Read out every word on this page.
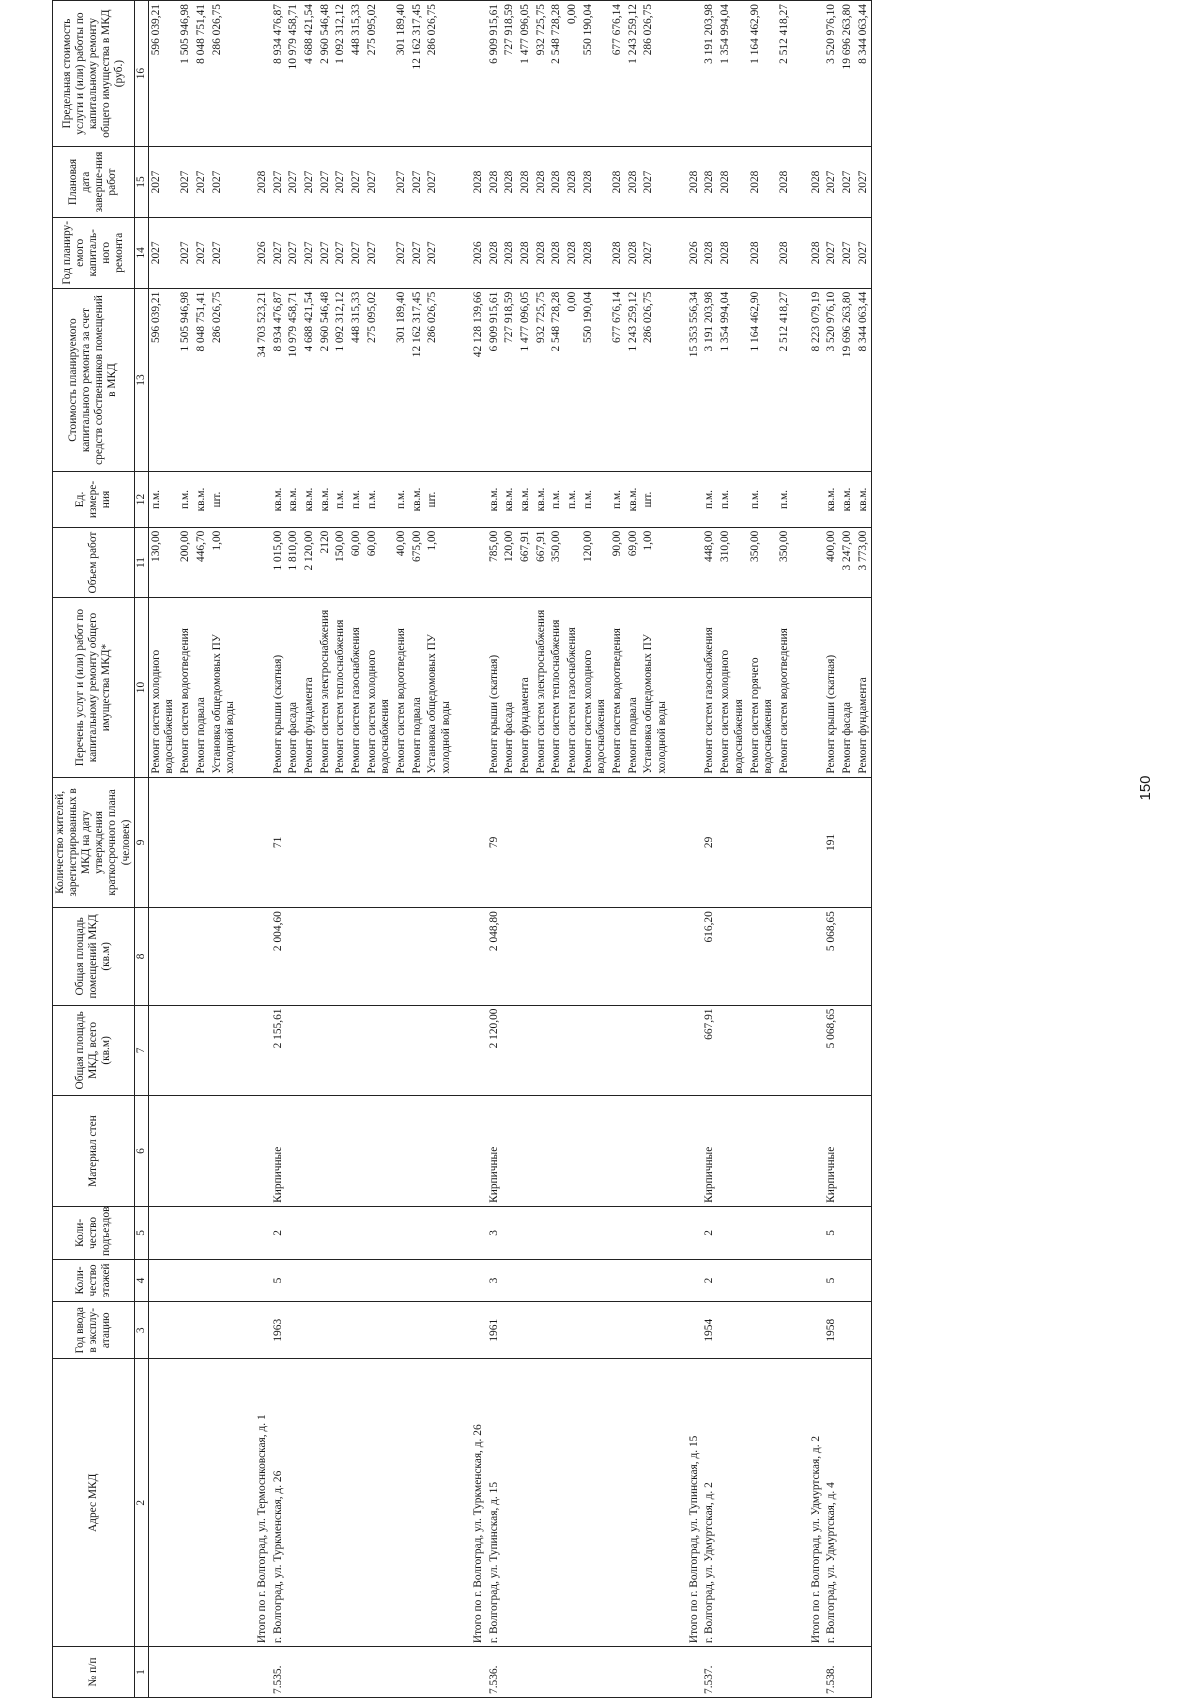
150
№ п/п	Адрес МКД	Год ввода в эксплу-атацию	Коли-чество этажей	Коли-чество подъездов	Материал стен	Общая площадь МКД, всего (кв.м)	Общая площадь помещений МКД (кв.м)	Количество жителей, зарегистрированных в МКД на дату утверждения краткосрочного плана (человек)	Перечень услуг и (или) работ по капитальному ремонту общего имущества МКД*	Объем работ	Ед. измере-ния	Стоимость планируемого капитального ремонта за счет средств собственников помещений в МКД	Год планиру-емого капиталь-ного ремонта	Плановая дата заверше-ния работ	Предельная стоимость услуги и (или) работы по капитальному ремонту общего имущества в МКД (руб.)
1	2	3	4	5	6	7	8	9	10	11	12	13	14	15	16
									Ремонт систем холодного водоснабжения	130,00	п.м.	596 039,21	2027	2027	596 039,21
									Ремонт систем водоотведения	200,00	п.м.	1 505 946,98	2027	2027	1 505 946,98
									Ремонт подвала	446,70	кв.м.	8 048 751,41	2027	2027	8 048 751,41
									Установка общедомовых ПУ холодной воды	1,00	шт.	286 026,75	2027	2027	286 026,75

	Итого по г. Волгоград, ул. Термоснковская, д. 1											34 703 523,21	2026	2028	
7.535.	г. Волгоград, ул. Туркменская, д. 26	1963	5	2	Кирпичные	2 155,61	2 004,60	71	Ремонт крыши (скатная)	1 015,00	кв.м.	8 934 476,87	2027	2027	8 934 476,87
									Ремонт фасада	1 810,00	кв.м.	10 979 458,71	2027	2027	10 979 458,71
									Ремонт фундамента	2 120,00	кв.м.	4 688 421,54	2027	2027	4 688 421,54
									Ремонт систем электроснабжения	2120	кв.м.	2 960 546,48	2027	2027	2 960 546,48
									Ремонт систем теплоснабжения	150,00	п.м.	1 092 312,12	2027	2027	1 092 312,12
									Ремонт систем газоснабжения	60,00	п.м.	448 315,33	2027	2027	448 315,33
									Ремонт систем холодного водоснабжения	60,00	п.м.	275 095,02	2027	2027	275 095,02
									Ремонт систем водоотведения	40,00	п.м.	301 189,40	2027	2027	301 189,40
									Ремонт подвала	675,00	кв.м.	12 162 317,45	2027	2027	12 162 317,45
									Установка общедомовых ПУ холодной воды	1,00	шт.	286 026,75	2027	2027	286 026,75

	Итого по г. Волгоград, ул. Туркменская, д. 26											42 128 139,66	2026	2028	
7.536.	г. Волгоград, ул. Тупинская, д. 15	1961	3	3	Кирпичные	2 120,00	2 048,80	79	Ремонт крыши (скатная)	785,00	кв.м.	6 909 915,61	2028	2028	6 909 915,61
									Ремонт фасада	120,00	кв.м.	727 918,59	2028	2028	727 918,59
									Ремонт фундамента	667,91	кв.м.	1 477 096,05	2028	2028	1 477 096,05
									Ремонт систем электроснабжения	667,91	кв.м.	932 725,75	2028	2028	932 725,75
									Ремонт систем теплоснабжения	350,00	п.м.	2 548 728,28	2028	2028	2 548 728,28
									Ремонт систем газоснабжения		п.м.	0,00	2028	2028	0,00
									Ремонт систем холодного водоснабжения	120,00	п.м.	550 190,04	2028	2028	550 190,04
									Ремонт систем водоотведения	90,00	п.м.	677 676,14	2028	2028	677 676,14
									Ремонт подвала	69,00	кв.м.	1 243 259,12	2028	2028	1 243 259,12
									Установка общедомовых ПУ холодной воды	1,00	шт.	286 026,75	2027	2027	286 026,75

	Итого по г. Волгоград, ул. Тупинская, д. 15											15 353 556,34	2026	2028	
7.537.	г. Волгоград, ул. Удмуртская, д. 2	1954	2	2	Кирпичные	667,91	616,20	29	Ремонт систем газоснабжения	448,00	п.м.	3 191 203,98	2028	2028	3 191 203,98
									Ремонт систем холодного водоснабжения	310,00	п.м.	1 354 994,04	2028	2028	1 354 994,04
									Ремонт систем горячего водоснабжения	350,00	п.м.	1 164 462,90	2028	2028	1 164 462,90
									Ремонт систем водоотведения	350,00	п.м.	2 512 418,27	2028	2028	2 512 418,27

	Итого по г. Волгоград, ул. Удмуртская, д. 2											8 223 079,19	2028	2028	
7.538.	г. Волгоград, ул. Удмуртская, д. 4	1958	5	5	Кирпичные	5 068,65	5 068,65	191	Ремонт крыши (скатная)	400,00	кв.м.	3 520 976,10	2027	2027	3 520 976,10
									Ремонт фасада	3 247,00	кв.м.	19 696 263,80	2027	2027	19 696 263,80
									Ремонт фундамента	3 773,00	кв.м.	8 344 063,44	2027	2027	8 344 063,44
